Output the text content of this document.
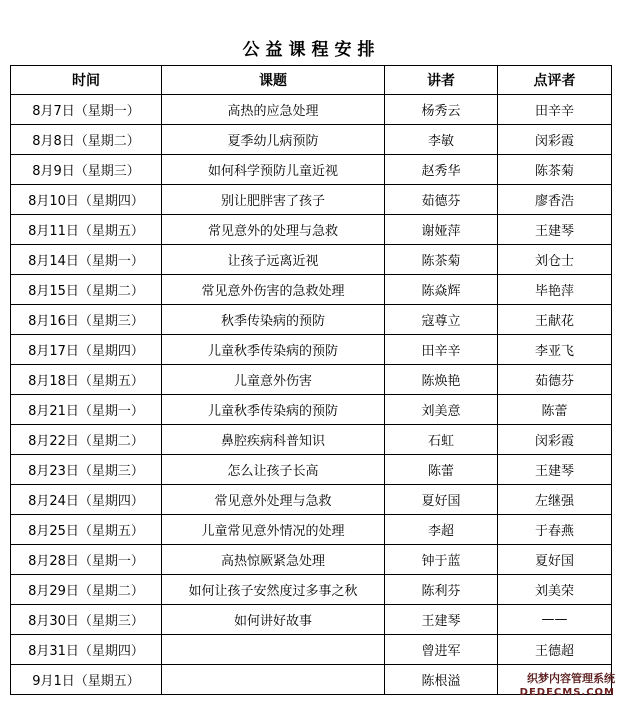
公益课程安排
时间	课题	讲者	点评者
8月7日（星期一）	高热的应急处理	杨秀云	田辛辛
8月8日（星期二）	夏季幼儿病预防	李敏	闵彩霞
8月9日（星期三）	如何科学预防儿童近视	赵秀华	陈茶菊
8月10日（星期四）	别让肥胖害了孩子	茹德芬	廖香浩
8月11日（星期五）	常见意外的处理与急救	谢娅萍	王建琴
8月14日（星期一）	让孩子远离近视	陈茶菊	刘仓士
8月15日（星期二）	常见意外伤害的急救处理	陈焱辉	毕艳萍
8月16日（星期三）	秋季传染病的预防	寇尊立	王献花
8月17日（星期四）	儿童秋季传染病的预防	田辛辛	李亚飞
8月18日（星期五）	儿童意外伤害	陈焕艳	茹德芬
8月21日（星期一）	儿童秋季传染病的预防	刘美意	陈蕾
8月22日（星期二）	鼻腔疾病科普知识	石虹	闵彩霞
8月23日（星期三）	怎么让孩子长高	陈蕾	王建琴
8月24日（星期四）	常见意外处理与急救	夏好国	左继强
8月25日（星期五）	儿童常见意外情况的处理	李超	于春燕
8月28日（星期一）	高热惊厥紧急处理	钟于蓝	夏好国
8月29日（星期二）	如何让孩子安然度过多事之秋	陈利芬	刘美荣
8月30日（星期三）	如何讲好故事	王建琴	——
8月31日（星期四）		曾进军	王德超
9月1日（星期五）		陈根溢		织梦内容管理系统
DEDECMS.COM
